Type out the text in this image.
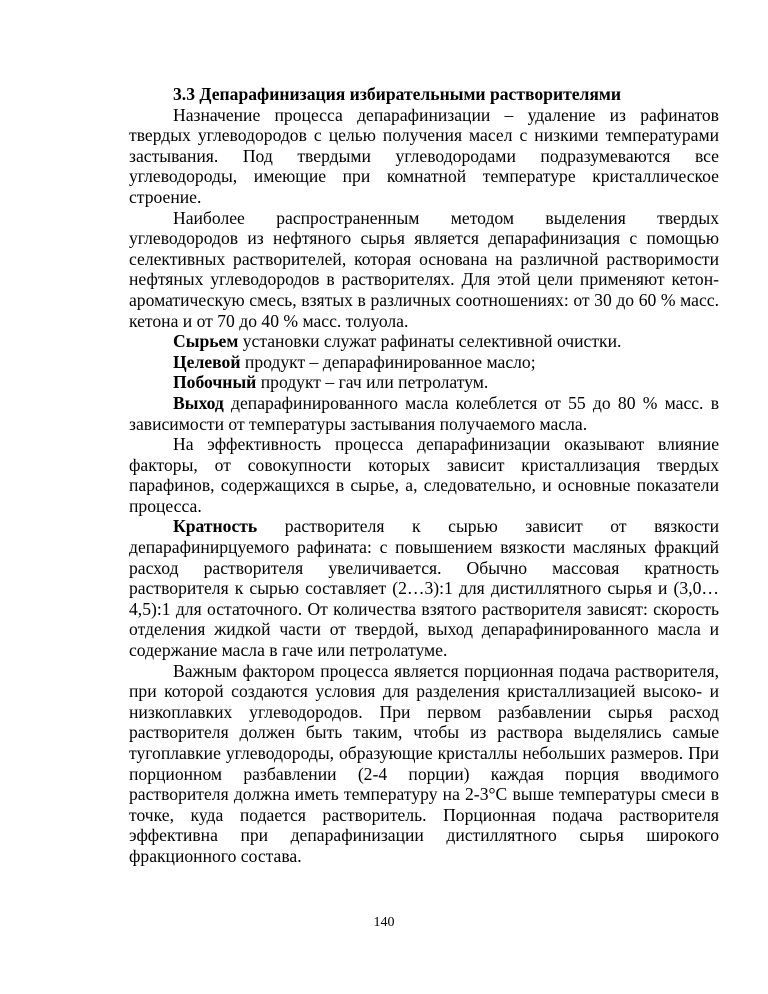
3.3 Депарафинизация избирательными растворителями

Назначение процесса депарафинизации – удаление из рафинатов твердых углеводородов с целью получения масел с низкими температурами застывания. Под твердыми углеводородами подразумеваются все углеводороды, имеющие при комнатной температуре кристаллическое строение.

Наиболее распространенным методом выделения твердых углеводородов из нефтяного сырья является депарафинизация с помощью селективных растворителей, которая основана на различной растворимости нефтяных углеводородов в растворителях. Для этой цели применяют кетон-ароматическую смесь, взятых в различных соотношениях: от 30 до 60 % масс. кетона и от 70 до 40 % масс. толуола.

Сырьем установки служат рафинаты селективной очистки.

Целевой продукт – депарафинированное масло;

Побочный продукт – гач или петролатум.

Выход депарафинированного масла колеблется от 55 до 80 % масс. в зависимости от температуры застывания получаемого масла.

На эффективность процесса депарафинизации оказывают влияние факторы, от совокупности которых зависит кристаллизация твердых парафинов, содержащихся в сырье, а, следовательно, и основные показатели процесса.

Кратность растворителя к сырью зависит от вязкости депарафинирцуемого рафината: с повышением вязкости масляных фракций расход растворителя увеличивается. Обычно массовая кратность растворителя к сырью составляет (2…3):1 для дистиллятного сырья и (3,0…4,5):1 для остаточного. От количества взятого растворителя зависят: скорость отделения жидкой части от твердой, выход депарафинированного масла и содержание масла в гаче или петролатуме.

Важным фактором процесса является порционная подача растворителя, при которой создаются условия для разделения кристаллизацией высоко- и низкоплавких углеводородов. При первом разбавлении сырья расход растворителя должен быть таким, чтобы из раствора выделялись самые тугоплавкие углеводороды, образующие кристаллы небольших размеров. При порционном разбавлении (2-4 порции) каждая порция вводимого растворителя должна иметь температуру на 2-3°С выше температуры смеси в точке, куда подается растворитель. Порционная подача растворителя эффективна при депарафинизации дистиллятного сырья широкого фракционного состава.

140
